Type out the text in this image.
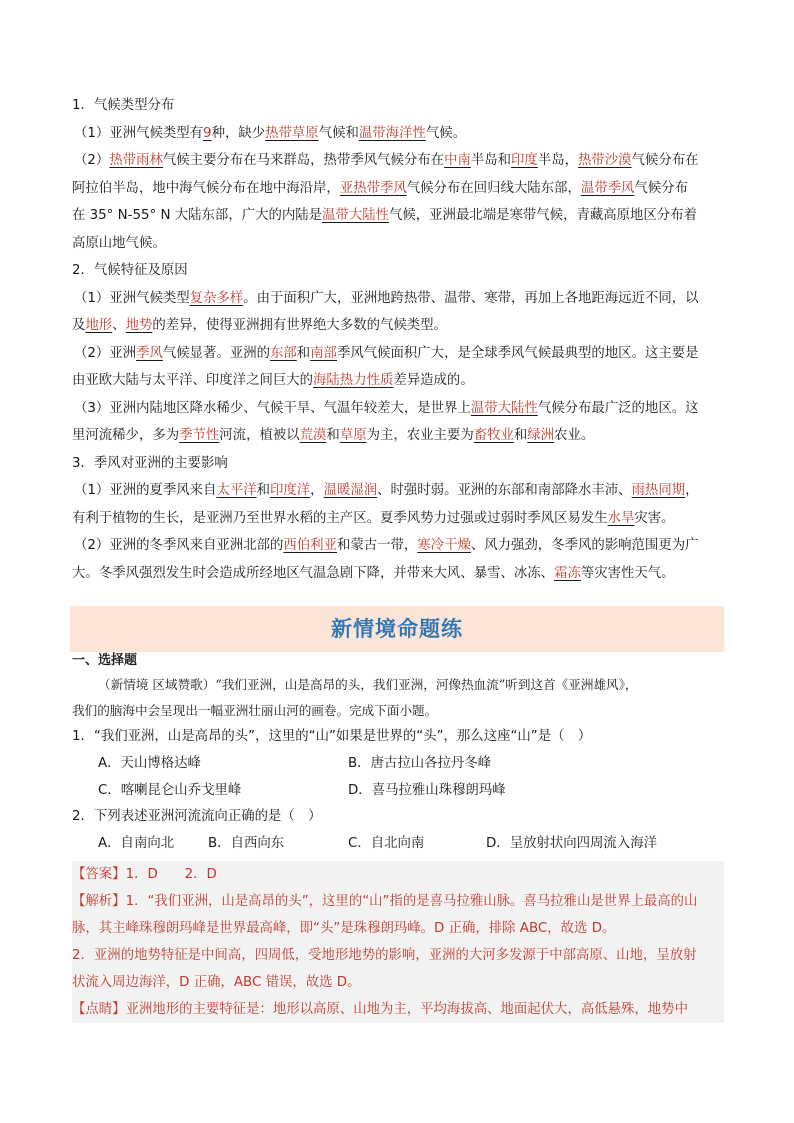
1．气候类型分布
（1）亚洲气候类型有9种，缺少热带草原气候和温带海洋性气候。
（2）热带雨林气候主要分布在马来群岛，热带季风气候分布在中南半岛和印度半岛，热带沙漠气候分布在
阿拉伯半岛，地中海气候分布在地中海沿岸，亚热带季风气候分布在回归线大陆东部，温带季风气候分布
在 35° N-55° N 大陆东部，广大的内陆是温带大陆性气候，亚洲最北端是寒带气候，青藏高原地区分布着
高原山地气候。
2．气候特征及原因
（1）亚洲气候类型复杂多样。由于面积广大，亚洲地跨热带、温带、寒带，再加上各地距海远近不同，以
及地形、地势的差异，使得亚洲拥有世界绝大多数的气候类型。
（2）亚洲季风气候显著。亚洲的东部和南部季风气候面积广大，是全球季风气候最典型的地区。这主要是
由亚欧大陆与太平洋、印度洋之间巨大的海陆热力性质差异造成的。
（3）亚洲内陆地区降水稀少、气候干旱、气温年较差大，是世界上温带大陆性气候分布最广泛的地区。这
里河流稀少，多为季节性河流，植被以荒漠和草原为主，农业主要为畜牧业和绿洲农业。
3．季风对亚洲的主要影响
（1）亚洲的夏季风来自太平洋和印度洋，温暖湿润、时强时弱。亚洲的东部和南部降水丰沛、雨热同期，
有利于植物的生长，是亚洲乃至世界水稻的主产区。夏季风势力过强或过弱时季风区易发生水旱灾害。
（2）亚洲的冬季风来自亚洲北部的西伯利亚和蒙古一带，寒冷干燥、风力强劲，冬季风的影响范围更为广
大。冬季风强烈发生时会造成所经地区气温急剧下降，并带来大风、暴雪、冰冻、霜冻等灾害性天气。
新情境命题练
一、选择题
（新情境 区域赞歌）“我们亚洲，山是高昂的头，我们亚洲，河像热血流”听到这首《亚洲雄风》，
我们的脑海中会呈现出一幅亚洲壮丽山河的画卷。完成下面小题。
1．“我们亚洲，山是高昂的头”，这里的“山”如果是世界的“头”，那么这座“山”是（　）
A．天山博格达峰	B．唐古拉山各拉丹冬峰
C．喀喇昆仑山乔戈里峰	D．喜马拉雅山珠穆朗玛峰
2．下列表述亚洲河流流向正确的是（　）
A．自南向北	B．自西向东	C．自北向南	D．呈放射状向四周流入海洋
【答案】1．D　　2．D
【解析】1．“我们亚洲，山是高昂的头”，这里的“山”指的是喜马拉雅山脉。喜马拉雅山是世界上最高的山
脉，其主峰珠穆朗玛峰是世界最高峰，即“头”是珠穆朗玛峰。D 正确，排除 ABC，故选 D。
2．亚洲的地势特征是中间高，四周低，受地形地势的影响，亚洲的大河多发源于中部高原、山地，呈放射
状流入周边海洋，D 正确，ABC 错误，故选 D。
【点睛】亚洲地形的主要特征是：地形以高原、山地为主，平均海拔高、地面起伏大，高低悬殊，地势中
